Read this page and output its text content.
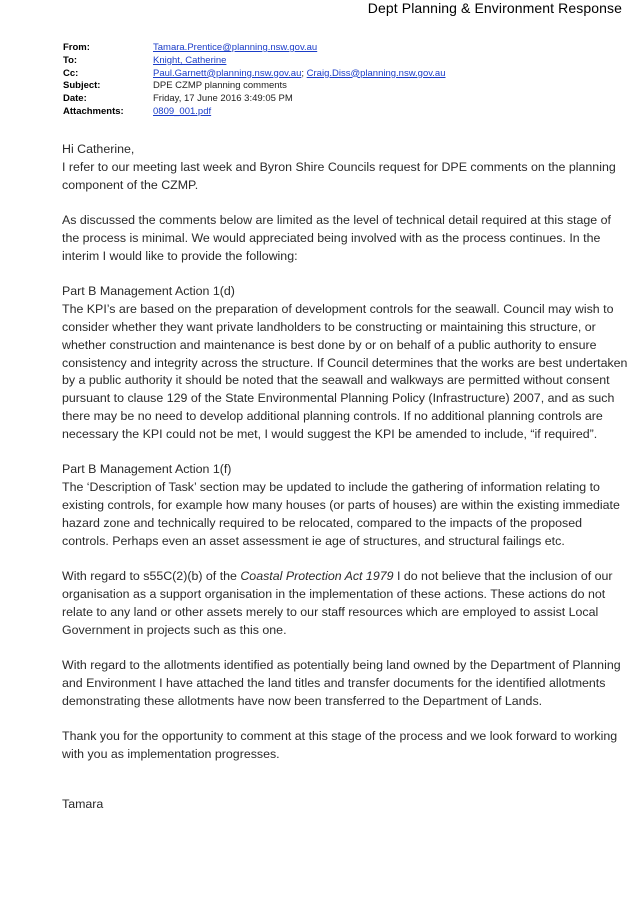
Dept Planning & Environment Response
From:	Tamara.Prentice@planning.nsw.gov.au
To:	Knight, Catherine
Cc:	Paul.Garnett@planning.nsw.gov.au; Craig.Diss@planning.nsw.gov.au
Subject:	DPE CZMP planning comments
Date:	Friday, 17 June 2016 3:49:05 PM
Attachments:	0809_001.pdf

Hi Catherine,

I refer to our meeting last week and Byron Shire Councils request for DPE comments on the planning component of the CZMP.

As discussed the comments below are limited as the level of technical detail required at this stage of the process is minimal. We would appreciated being involved with as the process continues. In the interim I would like to provide the following:

Part B Management Action 1(d)

The KPI’s are based on the preparation of development controls for the seawall. Council may wish to consider whether they want private landholders to be constructing or maintaining this structure, or whether construction and maintenance is best done by or on behalf of a public authority to ensure consistency and integrity across the structure. If Council determines that the works are best undertaken by a public authority it should be noted that the seawall and walkways are permitted without consent pursuant to clause 129 of the State Environmental Planning Policy (Infrastructure) 2007, and as such there may be no need to develop additional planning controls. If no additional planning controls are necessary the KPI could not be met, I would suggest the KPI be amended to include, “if required”.

Part B Management Action 1(f)

The ‘Description of Task’ section may be updated to include the gathering of information relating to existing controls, for example how many houses (or parts of houses) are within the existing immediate hazard zone and technically required to be relocated, compared to the impacts of the proposed controls. Perhaps even an asset assessment ie age of structures, and structural failings etc.

With regard to s55C(2)(b) of the Coastal Protection Act 1979 I do not believe that the inclusion of our organisation as a support organisation in the implementation of these actions. These actions do not relate to any land or other assets merely to our staff resources which are employed to assist Local Government in projects such as this one.

With regard to the allotments identified as potentially being land owned by the Department of Planning and Environment I have attached the land titles and transfer documents for the identified allotments demonstrating these allotments have now been transferred to the Department of Lands.

Thank you for the opportunity to comment at this stage of the process and we look forward to working with you as implementation progresses.

Tamara
